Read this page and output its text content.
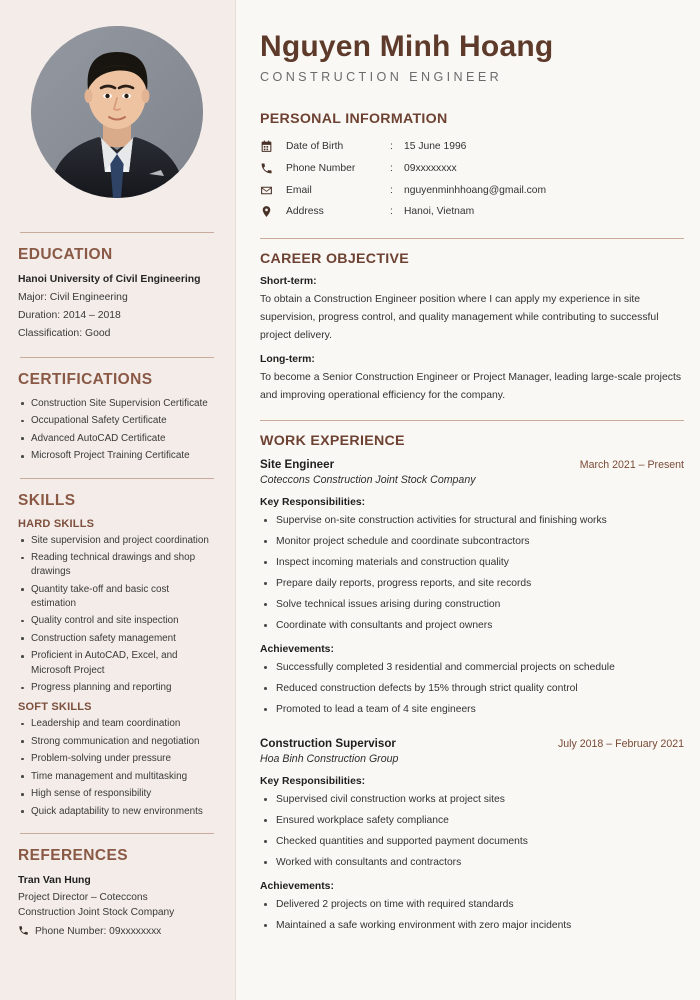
EDUCATION
Hanoi University of Civil Engineering
Major: Civil Engineering
Duration: 2014 – 2018
Classification: Good
CERTIFICATIONS
Construction Site Supervision Certificate
Occupational Safety Certificate
Advanced AutoCAD Certificate
Microsoft Project Training Certificate
SKILLS
HARD SKILLS
Site supervision and project coordination
Reading technical drawings and shop drawings
Quantity take-off and basic cost estimation
Quality control and site inspection
Construction safety management
Proficient in AutoCAD, Excel, and Microsoft Project
Progress planning and reporting
SOFT SKILLS
Leadership and team coordination
Strong communication and negotiation
Problem-solving under pressure
Time management and multitasking
High sense of responsibility
Quick adaptability to new environments
REFERENCES
Tran Van Hung
Project Director – Coteccons
Construction Joint Stock Company
Phone Number: 09xxxxxxxx
Nguyen Minh Hoang
CONSTRUCTION ENGINEER
PERSONAL INFORMATION
	Date of Birth	:	15 June 1996

	Phone Number	:	09xxxxxxxx

	Email	:	nguyenminhhoang@gmail.com

	Address	:	Hanoi, Vietnam
CAREER OBJECTIVE
Short-term:
To obtain a Construction Engineer position where I can apply my experience in site supervision, progress control, and quality management while contributing to successful project delivery.
Long-term:
To become a Senior Construction Engineer or Project Manager, leading large-scale projects and improving operational efficiency for the company.
WORK EXPERIENCE
Site Engineer	March 2021 – Present
Coteccons Construction Joint Stock Company
Key Responsibilities:
Supervise on-site construction activities for structural and finishing works
Monitor project schedule and coordinate subcontractors
Inspect incoming materials and construction quality
Prepare daily reports, progress reports, and site records
Solve technical issues arising during construction
Coordinate with consultants and project owners
Achievements:
Successfully completed 3 residential and commercial projects on schedule
Reduced construction defects by 15% through strict quality control
Promoted to lead a team of 4 site engineers
Construction Supervisor	July 2018 – February 2021
Hoa Binh Construction Group
Key Responsibilities:
Supervised civil construction works at project sites
Ensured workplace safety compliance
Checked quantities and supported payment documents
Worked with consultants and contractors
Achievements:
Delivered 2 projects on time with required standards
Maintained a safe working environment with zero major incidents
